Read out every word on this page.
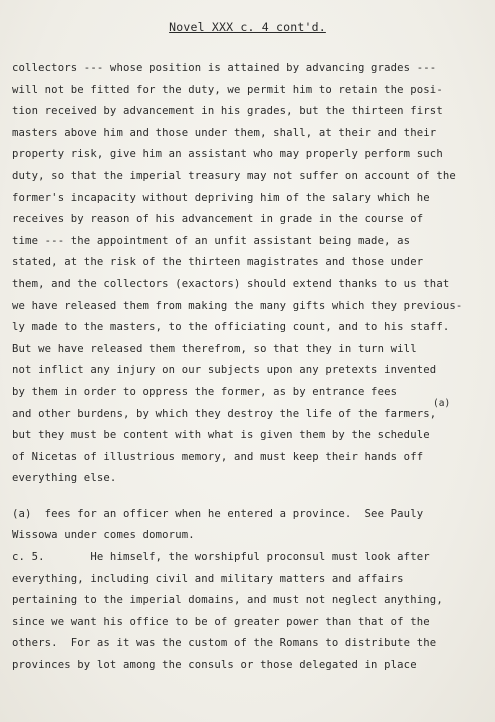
Novel XXX c. 4 cont'd.
collectors --- whose position is attained by advancing grades ---
will not be fitted for the duty, we permit him to retain the posi-
tion received by advancement in his grades, but the thirteen first
masters above him and those under them, shall, at their and their
property risk, give him an assistant who may properly perform such
duty, so that the imperial treasury may not suffer on account of the
former's incapacity without depriving him of the salary which he
receives by reason of his advancement in grade in the course of
time --- the appointment of an unfit assistant being made, as
stated, at the risk of the thirteen magistrates and those under
them, and the collectors (exactors) should extend thanks to us that
we have released them from making the many gifts which they previous-
ly made to the masters, to the officiating count, and to his staff.
But we have released them therefrom, so that they in turn will
not inflict any injury on our subjects upon any pretexts invented
by them in order to oppress the former, as by entrance fees
and other burdens, by which they destroy the life of the farmers,
but they must be content with what is given them by the schedule
of Nicetas of illustrious memory, and must keep their hands off
everything else.
(a)  fees for an officer when he entered a province.  See Pauly
Wissowa under comes domorum.
c. 5.       He himself, the worshipful proconsul must look after
everything, including civil and military matters and affairs
pertaining to the imperial domains, and must not neglect anything,
since we want his office to be of greater power than that of the
others.  For as it was the custom of the Romans to distribute the
provinces by lot among the consuls or those delegated in place
(a)
